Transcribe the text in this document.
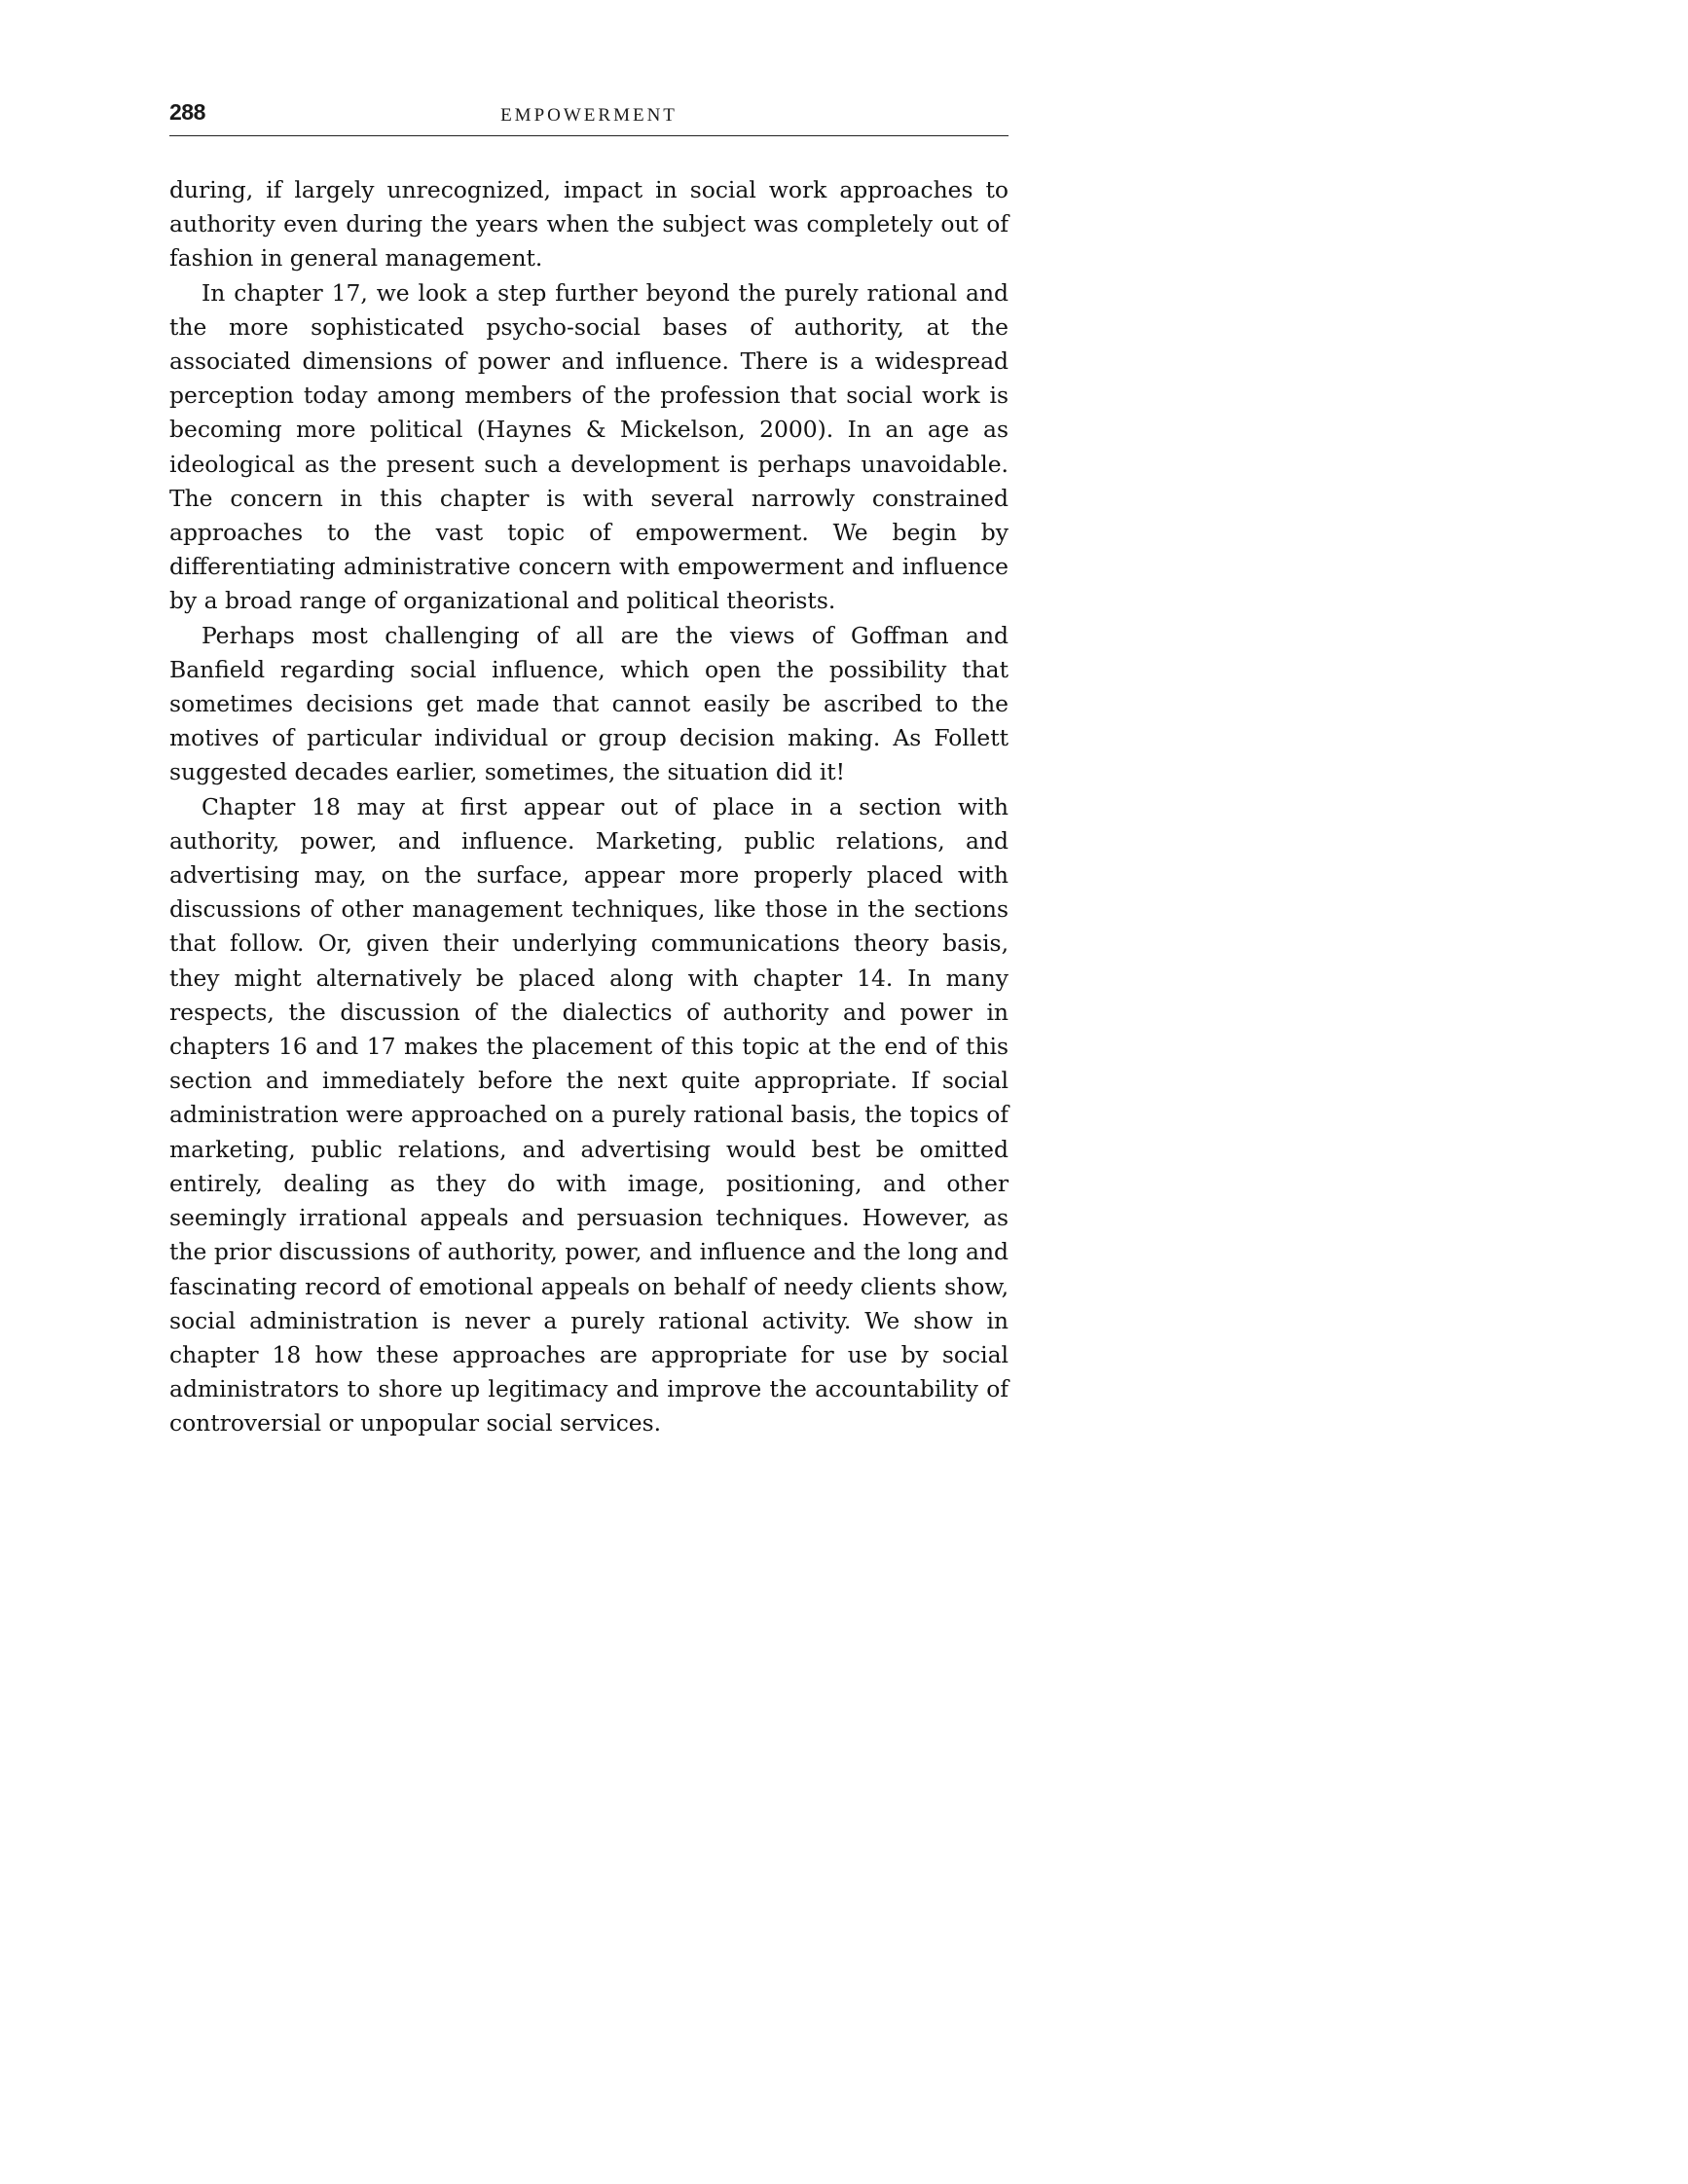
288	EMPOWERMENT

during, if largely unrecognized, impact in social work approaches to authority even during the years when the subject was completely out of fashion in general management.

In chapter 17, we look a step further beyond the purely rational and the more sophisticated psycho-social bases of authority, at the associated dimensions of power and influence. There is a widespread perception today among members of the profession that social work is becoming more political (Haynes & Mickelson, 2000). In an age as ideological as the present such a development is perhaps unavoidable. The concern in this chapter is with several narrowly constrained approaches to the vast topic of empowerment. We begin by differentiating administrative concern with empowerment and influence by a broad range of organizational and political theorists.

Perhaps most challenging of all are the views of Goffman and Banfield regarding social influence, which open the possibility that sometimes decisions get made that cannot easily be ascribed to the motives of particular individual or group decision making. As Follett suggested decades earlier, sometimes, the situation did it!

Chapter 18 may at first appear out of place in a section with authority, power, and influence. Marketing, public relations, and advertising may, on the surface, appear more properly placed with discussions of other management techniques, like those in the sections that follow. Or, given their underlying communications theory basis, they might alternatively be placed along with chapter 14. In many respects, the discussion of the dialectics of authority and power in chapters 16 and 17 makes the placement of this topic at the end of this section and immediately before the next quite appropriate. If social administration were approached on a purely rational basis, the topics of marketing, public relations, and advertising would best be omitted entirely, dealing as they do with image, positioning, and other seemingly irrational appeals and persuasion techniques. However, as the prior discussions of authority, power, and influence and the long and fascinating record of emotional appeals on behalf of needy clients show, social administration is never a purely rational activity. We show in chapter 18 how these approaches are appropriate for use by social administrators to shore up legitimacy and improve the accountability of controversial or unpopular social services.
